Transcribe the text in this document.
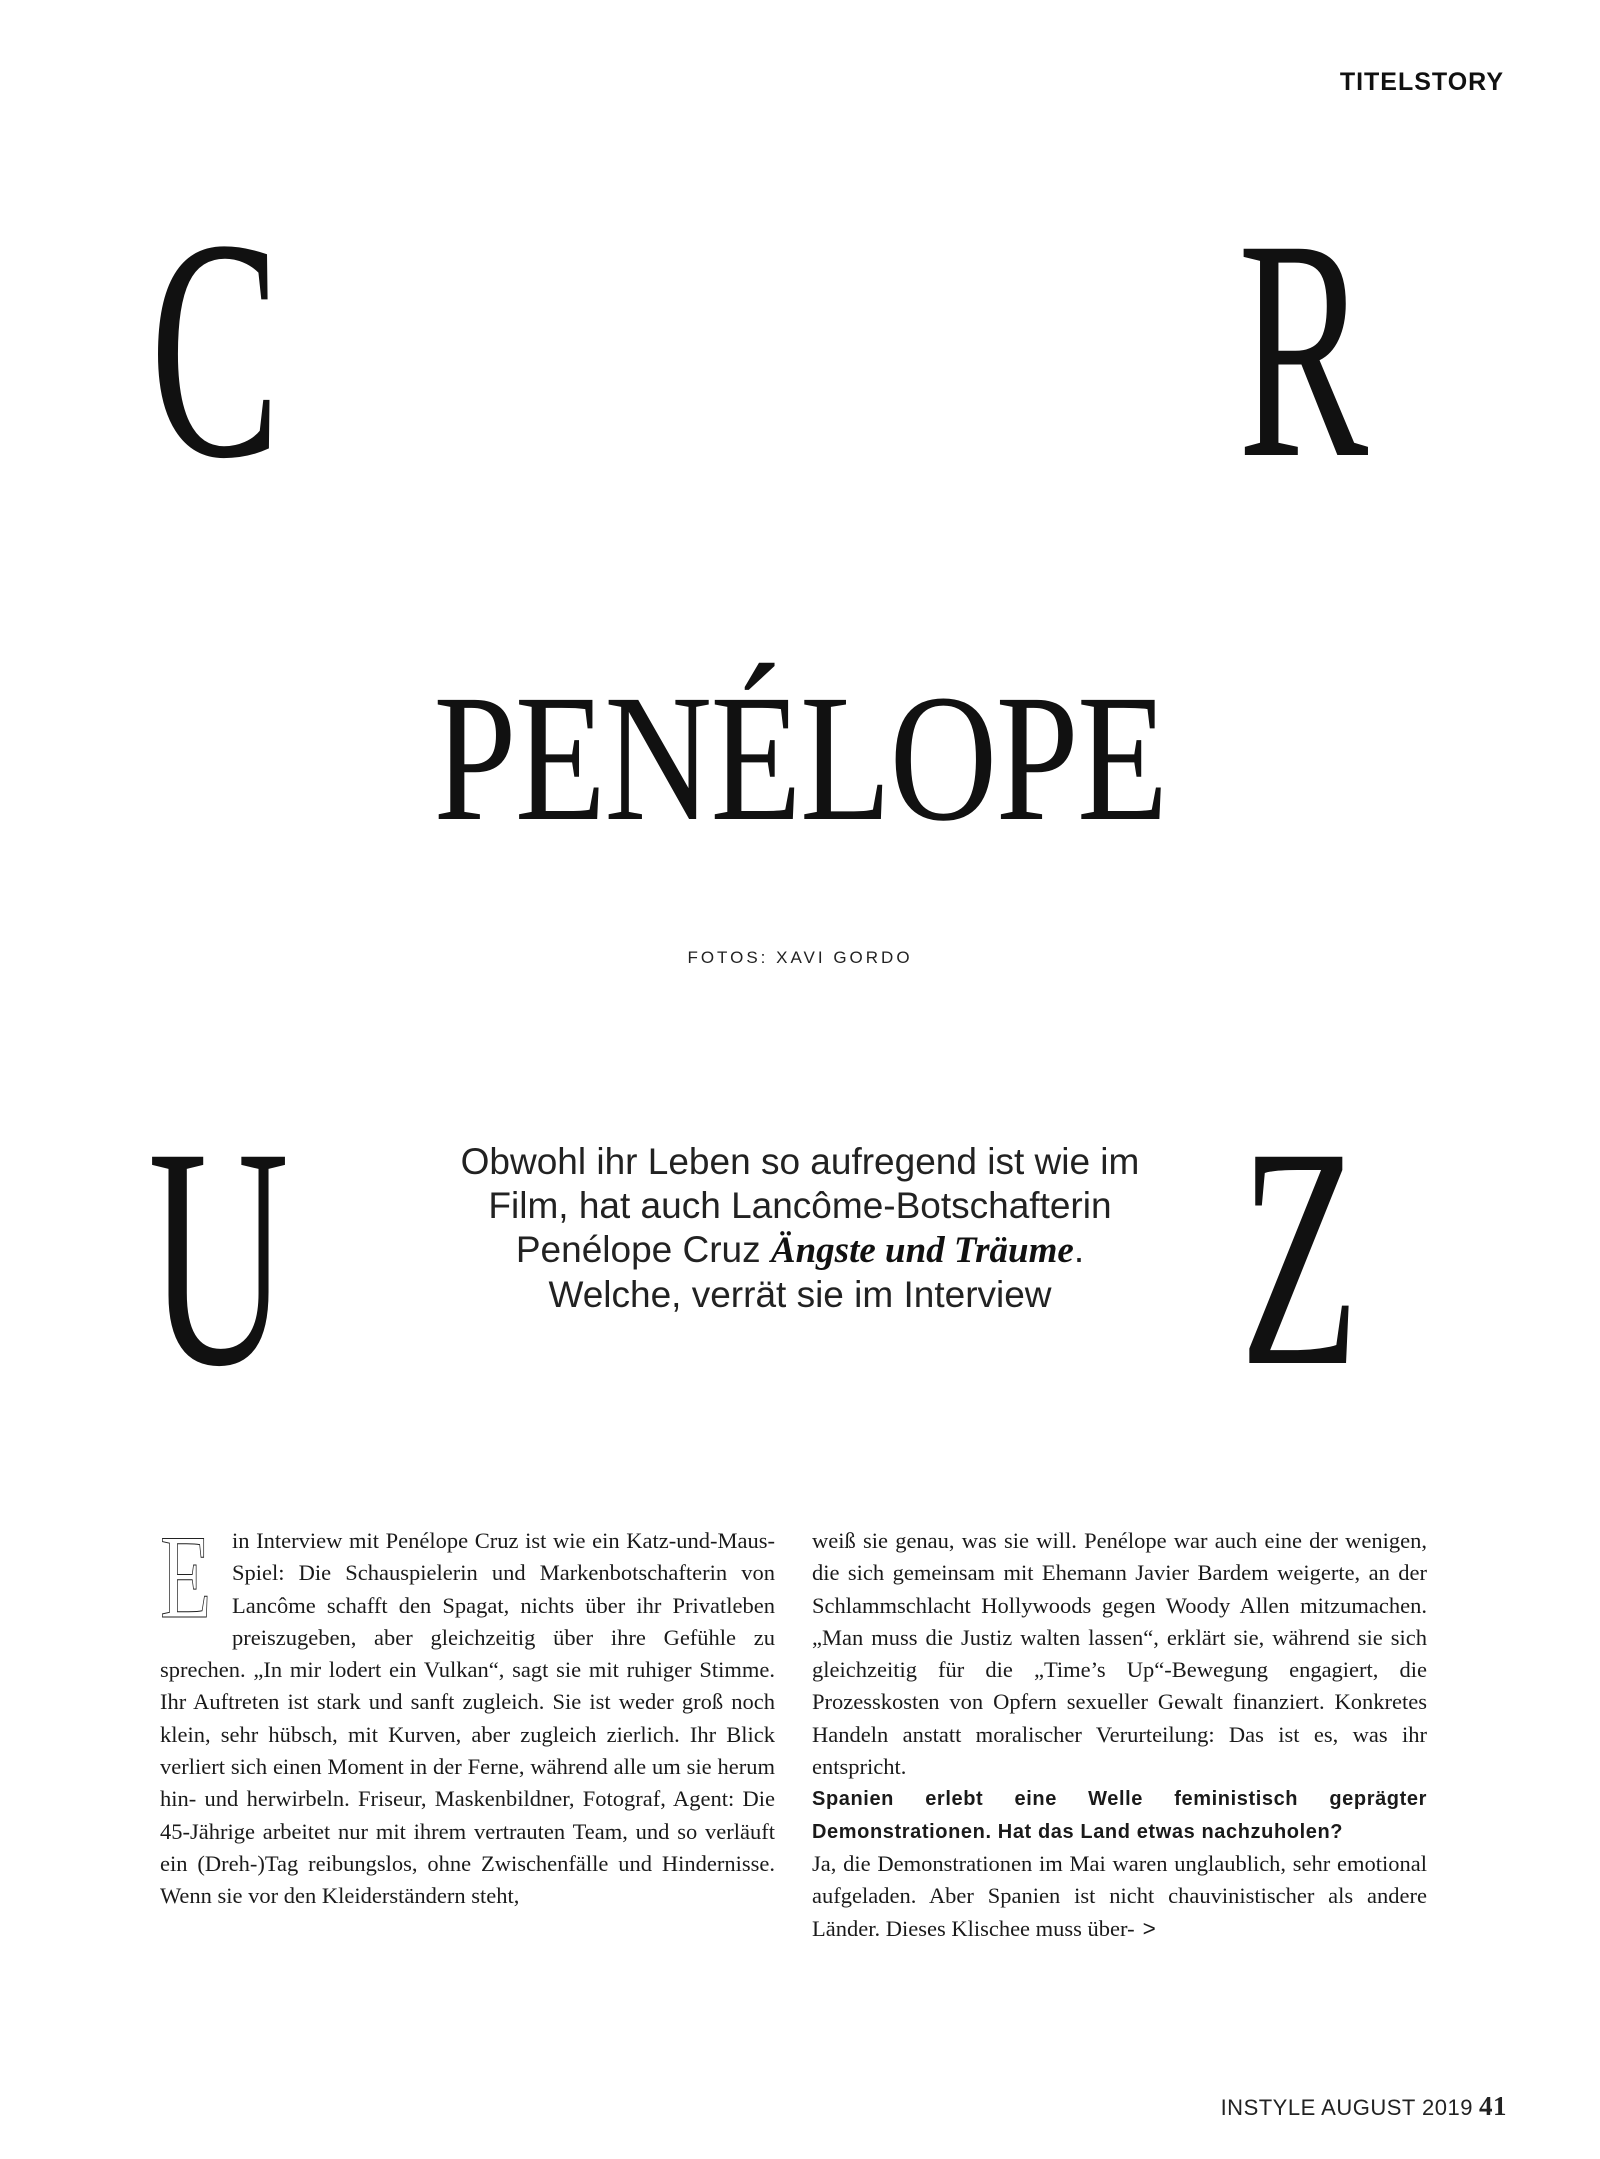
TITELSTORY
C	R
PENÉLOPE
FOTOS: XAVI GORDO
U	Z
Obwohl ihr Leben so aufregend ist wie im Film, hat auch Lancôme-Botschafterin Penélope Cruz Ängste und Träume. Welche, verrät sie im Interview

Ein Interview mit Penélope Cruz ist wie ein Katz-und-Maus-Spiel: Die Schauspielerin und Markenbotschafterin von Lancôme schafft den Spagat, nichts über ihr Privatleben preiszugeben, aber gleichzeitig über ihre Gefühle zu sprechen. „In mir lodert ein Vulkan“, sagt sie mit ruhiger Stimme. Ihr Auftreten ist stark und sanft zugleich. Sie ist weder groß noch klein, sehr hübsch, mit Kurven, aber zugleich zierlich. Ihr Blick verliert sich einen Moment in der Ferne, während alle um sie herum hin- und herwirbeln. Friseur, Maskenbildner, Fotograf, Agent: Die 45-Jährige arbeitet nur mit ihrem vertrauten Team, und so verläuft ein (Dreh-)Tag reibungslos, ohne Zwischenfälle und Hindernisse. Wenn sie vor den Kleiderständern steht,

weiß sie genau, was sie will. Penélope war auch eine der wenigen, die sich gemeinsam mit Ehemann Javier Bardem weigerte, an der Schlammschlacht Hollywoods gegen Woody Allen mitzumachen. „Man muss die Justiz walten lassen“, erklärt sie, während sie sich gleichzeitig für die „Time’s Up“-Bewegung engagiert, die Prozesskosten von Opfern sexueller Gewalt finanziert. Konkretes Handeln anstatt moralischer Verurteilung: Das ist es, was ihr entspricht.

Spanien erlebt eine Welle feministisch geprägter Demonstrationen. Hat das Land etwas nachzuholen?

Ja, die Demonstrationen im Mai waren unglaublich, sehr emotional aufgeladen. Aber Spanien ist nicht chauvinistischer als andere Länder. Dieses Klischee muss über- >

INSTYLE AUGUST 2019 41
